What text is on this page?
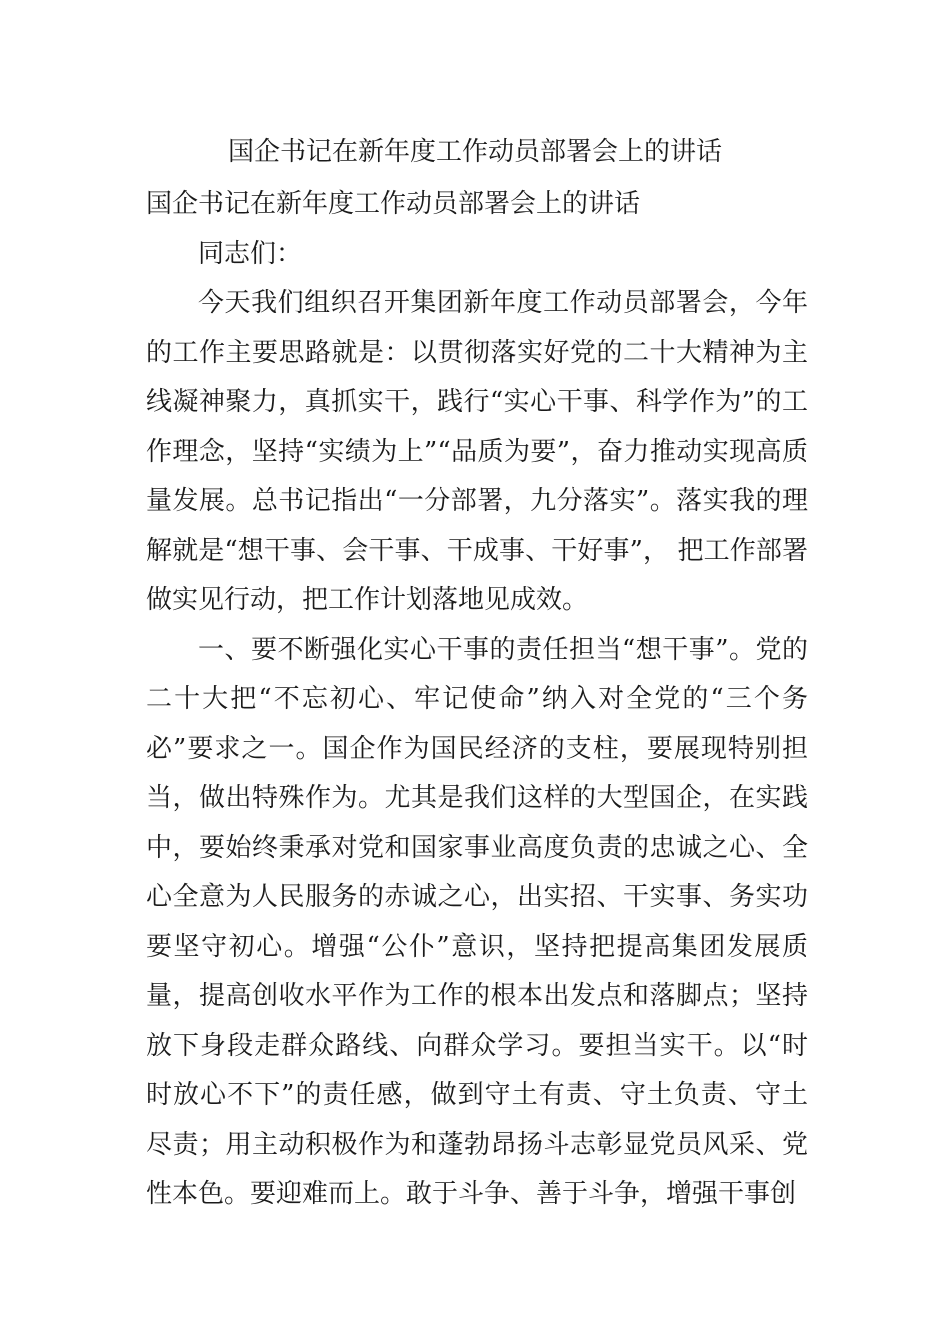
国企书记在新年度工作动员部署会上的讲话

国企书记在新年度工作动员部署会上的讲话

同志们：

今天我们组织召开集团新年度工作动员部署会，今年的工作主要思路就是：以贯彻落实好党的二十大精神为主线凝神聚力，真抓实干，践行“实心干事、科学作为”的工作理念，坚持“实绩为上”“品质为要”，奋力推动实现高质量发展。总书记指出“一分部署，九分落实”。落实我的理解就是“想干事、会干事、干成事、干好事”， 把工作部署做实见行动，把工作计划落地见成效。

一、要不断强化实心干事的责任担当“想干事”。党的二十大把“不忘初心、牢记使命”纳入对全党的“三个务必”要求之一。国企作为国民经济的支柱，要展现特别担当，做出特殊作为。尤其是我们这样的大型国企，在实践中，要始终秉承对党和国家事业高度负责的忠诚之心、全心全意为人民服务的赤诚之心，出实招、干实事、务实功要坚守初心。增强“公仆”意识，坚持把提高集团发展质量，提高创收水平作为工作的根本出发点和落脚点；坚持放下身段走群众路线、向群众学习。要担当实干。以“时时放心不下”的责任感，做到守土有责、守土负责、守土尽责；用主动积极作为和蓬勃昂扬斗志彰显党员风采、党性本色。要迎难而上。敢于斗争、善于斗争，增强干事创
